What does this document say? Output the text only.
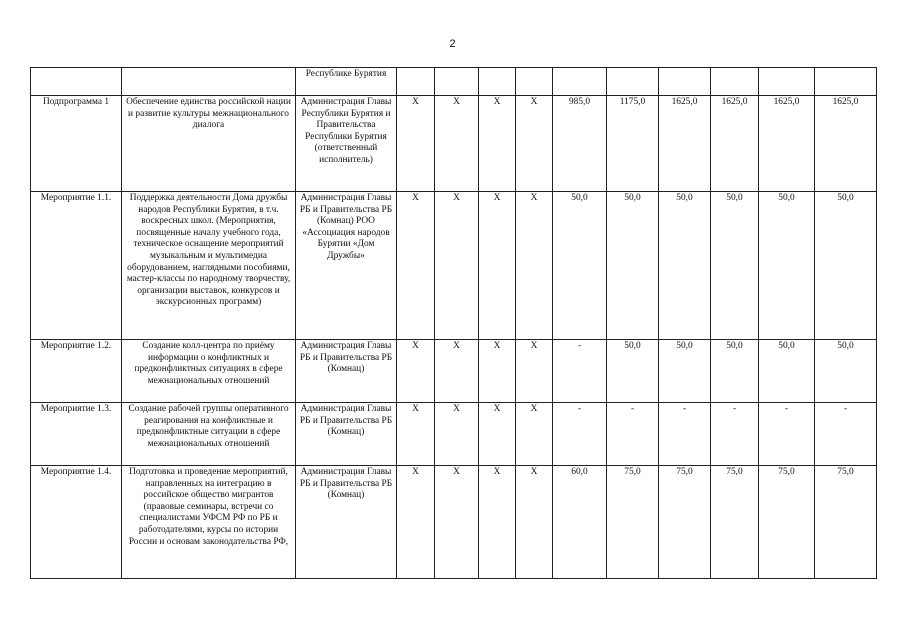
2

		Республике Бурятия										

Подпрограмма 1	Обеспечение единства российской нации и развитие культуры межнационального диалога	Администрация Главы Республики Бурятия и Правительства Республики Бурятия (ответственный исполнитель)	Х	Х	Х	Х	985,0	1175,0	1625,0	1625,0	1625,0	1625,0

Мероприятие 1.1.	Поддержка деятельности Дома дружбы народов Республики Бурятия, в т.ч. воскресных школ. (Мероприятия, посвященные началу учебного года, техническое оснащение мероприятий музыкальным и мультимедиа оборудованием, наглядными пособиями, мастер-классы по народному творчеству, организации выставок, конкурсов и экскурсионных программ)	Администрация Главы РБ и Правительства РБ (Комнац) РОО «Ассоциация народов Бурятии «Дом Дружбы»	Х	Х	Х	Х	50,0	50,0	50,0	50,0	50,0	50,0

Мероприятие 1.2.	Создание колл-центра по приёму информации о конфликтных и предконфликтных ситуациях в сфере межнациональных отношений	Администрация Главы РБ и Правительства РБ (Комнац)	Х	Х	Х	Х	-	50,0	50,0	50,0	50,0	50,0

Мероприятие 1.3.	Создание рабочей группы оперативного реагирования на конфликтные и предконфликтные ситуации в сфере межнациональных отношений	Администрация Главы РБ и Правительства РБ (Комнац)	Х	Х	Х	Х	-	-	-	-	-	-

Мероприятие 1.4.	Подготовка и проведение мероприятий, направленных на интеграцию в российское общество мигрантов (правовые семинары, встречи со специалистами УФСМ РФ по РБ и работодателями, курсы по истории России и основам законодательства РФ,	Администрация Главы РБ и Правительства РБ (Комнац)	Х	Х	Х	Х	60,0	75,0	75,0	75,0	75,0	75,0
